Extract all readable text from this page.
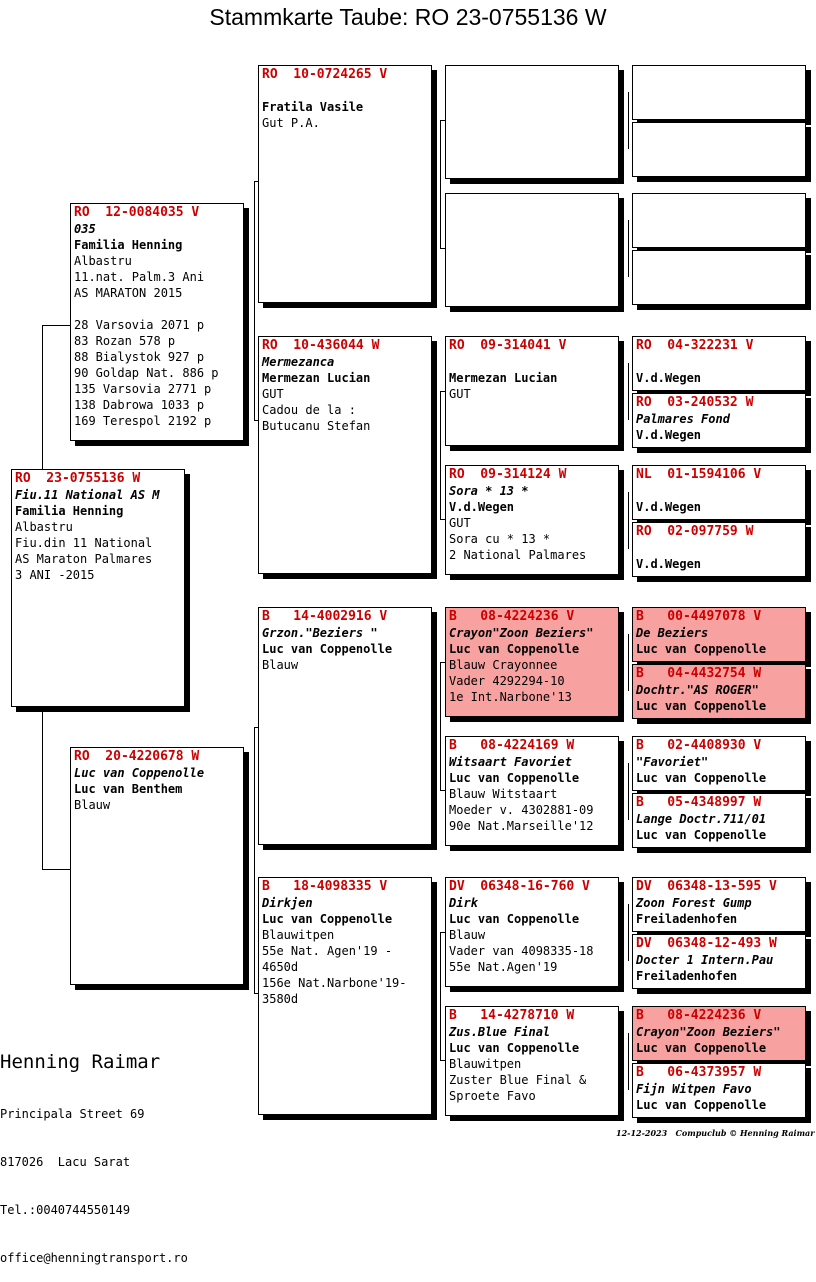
Stammkarte Taube: RO 23-0755136 W
RO  23-0755136 W
Fiu.11 National AS M
Familia Henning
Albastru
Fiu.din 11 National
AS Maraton Palmares
3 ANI -2015
RO  12-0084035 V
035
Familia Henning
Albastru
11.nat. Palm.3 Ani
AS MARATON 2015
28 Varsovia 2071 p
83 Rozan 578 p
88 Bialystok 927 p
90 Goldap Nat. 886 p
135 Varsovia 2771 p
138 Dabrowa 1033 p
169 Terespol 2192 p
RO  20-4220678 W
Luc van Coppenolle
Luc van Benthem
Blauw
RO  10-0724265 V
Fratila Vasile
Gut P.A.
RO  10-436044 W
Mermezanca
Mermezan Lucian
GUT
Cadou de la :
Butucanu Stefan
B   14-4002916 V
Grzon."Beziers "
Luc van Coppenolle
Blauw
B   18-4098335 V
Dirkjen
Luc van Coppenolle
Blauwitpen
55e Nat. Agen'19 -
4650d
156e Nat.Narbone'19-
3580d
RO  09-314041 V
Mermezan Lucian
GUT
RO  09-314124 W
Sora * 13 *
V.d.Wegen
GUT
Sora cu * 13 *
2 National Palmares
B   08-4224236 V
Crayon"Zoon Beziers"
Luc van Coppenolle
Blauw Crayonnee
Vader 4292294-10
1e Int.Narbone'13
B   08-4224169 W
Witsaart Favoriet
Luc van Coppenolle
Blauw Witstaart
Moeder v. 4302881-09
90e Nat.Marseille'12
DV  06348-16-760 V
Dirk
Luc van Coppenolle
Blauw
Vader van 4098335-18
55e Nat.Agen'19
B   14-4278710 W
Zus.Blue Final
Luc van Coppenolle
Blauwitpen
Zuster Blue Final &
Sproete Favo
RO  04-322231 V
V.d.Wegen
RO  03-240532 W
Palmares Fond
V.d.Wegen
NL  01-1594106 V
V.d.Wegen
RO  02-097759 W
V.d.Wegen
B   00-4497078 V
De Beziers
Luc van Coppenolle
B   04-4432754 W
Dochtr."AS ROGER"
Luc van Coppenolle
B   02-4408930 V
"Favoriet"
Luc van Coppenolle
B   05-4348997 W
Lange Doctr.711/01
Luc van Coppenolle
DV  06348-13-595 V
Zoon Forest Gump
Freiladenhofen
DV  06348-12-493 W
Docter 1 Intern.Pau
Freiladenhofen
B   08-4224236 V
Crayon"Zoon Beziers"
Luc van Coppenolle
B   06-4373957 W
Fijn Witpen Favo
Luc van Coppenolle

Henning Raimar

Principala Street 69

817026  Lacu Sarat

Tel.:0040744550149

office@henningtransport.ro

12-12-2023   Compuclub © Henning Raimar
